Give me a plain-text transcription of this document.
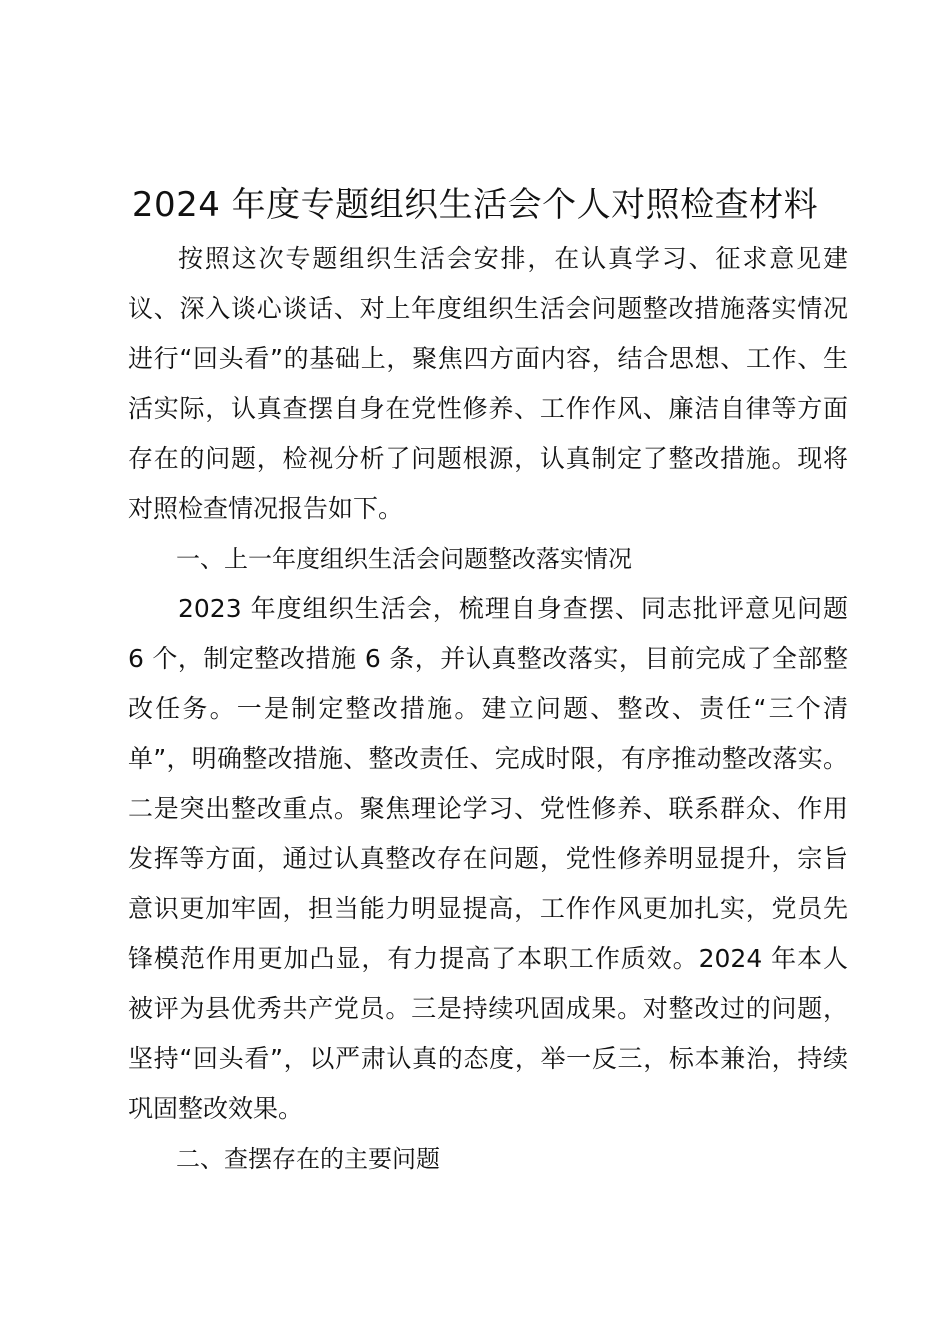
2024 年度专题组织生活会个人对照检查材料

按照这次专题组织生活会安排，在认真学习、征求意见建议、深入谈心谈话、对上年度组织生活会问题整改措施落实情况进行“回头看”的基础上，聚焦四方面内容，结合思想、工作、生活实际，认真查摆自身在党性修养、工作作风、廉洁自律等方面存在的问题，检视分析了问题根源，认真制定了整改措施。现将对照检查情况报告如下。

一、上一年度组织生活会问题整改落实情况

2023 年度组织生活会，梳理自身查摆、同志批评意见问题 6 个，制定整改措施 6 条，并认真整改落实，目前完成了全部整改任务。一是制定整改措施。建立问题、整改、责任“三个清单”，明确整改措施、整改责任、完成时限，有序推动整改落实。二是突出整改重点。聚焦理论学习、党性修养、联系群众、作用发挥等方面，通过认真整改存在问题，党性修养明显提升，宗旨意识更加牢固，担当能力明显提高，工作作风更加扎实，党员先锋模范作用更加凸显，有力提高了本职工作质效。2024 年本人被评为县优秀共产党员。三是持续巩固成果。对整改过的问题，坚持“回头看”，以严肃认真的态度，举一反三，标本兼治，持续巩固整改效果。

二、查摆存在的主要问题
